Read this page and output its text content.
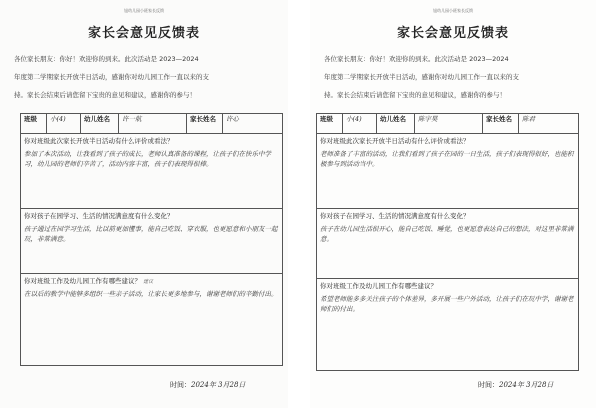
旭幼儿园小班家长反馈
家长会意见反馈表
各位家长朋友：你好！欢迎你的到来。此次活动是 2023—2024
年度第二学期家长开放半日活动，感谢你对幼儿园工作一直以来的支
持。家长会结束后请您留下宝贵的意见和建议，感谢你的参与！
班级	小(4)	幼儿姓名	许一航	家长姓名	许心

你对班级此次家长开放半日活动有什么评价或看法？
参加了本次活动，让我看到了孩子的成长，老师认真准备的课程，让孩子们在快乐中学习，幼儿园的老师们辛苦了，活动内容丰富，孩子们表现得很棒。

你对孩子在园学习、生活的情况满意度有什么变化？
孩子通过在园学习生活，比以前更加懂事，能自己吃饭、穿衣服，也更愿意和小朋友一起玩，非常满意。

你对班级工作及幼儿园工作有哪些建议？ 建议
在以后的教学中能够多组织一些亲子活动，让家长更多地参与，谢谢老师们的辛勤付出。
时间：2024年 3月28日
旭幼儿园小班家长反馈
家长会意见反馈表
各位家长朋友：你好！欢迎你的到来。此次活动是 2023—2024
年度第二学期家长开放半日活动，感谢你对幼儿园工作一直以来的支
持。家长会结束后请您留下宝贵的意见和建议，感谢你的参与！
班级	小(4)	幼儿姓名	陈宇昊	家长姓名	陈君

你对班级此次家长开放半日活动有什么评价或看法？
老师准备了丰富的活动，让我们看到了孩子在园的一日生活，孩子们表现得很好，也能积极参与到活动当中。

你对孩子在园学习、生活的情况满意度有什么变化？
孩子在幼儿园生活很开心，能自己吃饭、睡觉，也更愿意表达自己的想法，对这里非常满意。

你对班级工作及幼儿园工作有哪些建议？
希望老师能多多关注孩子的个体差异，多开展一些户外活动，让孩子们在玩中学，谢谢老师们的付出。
时间：2024年 3月28日
